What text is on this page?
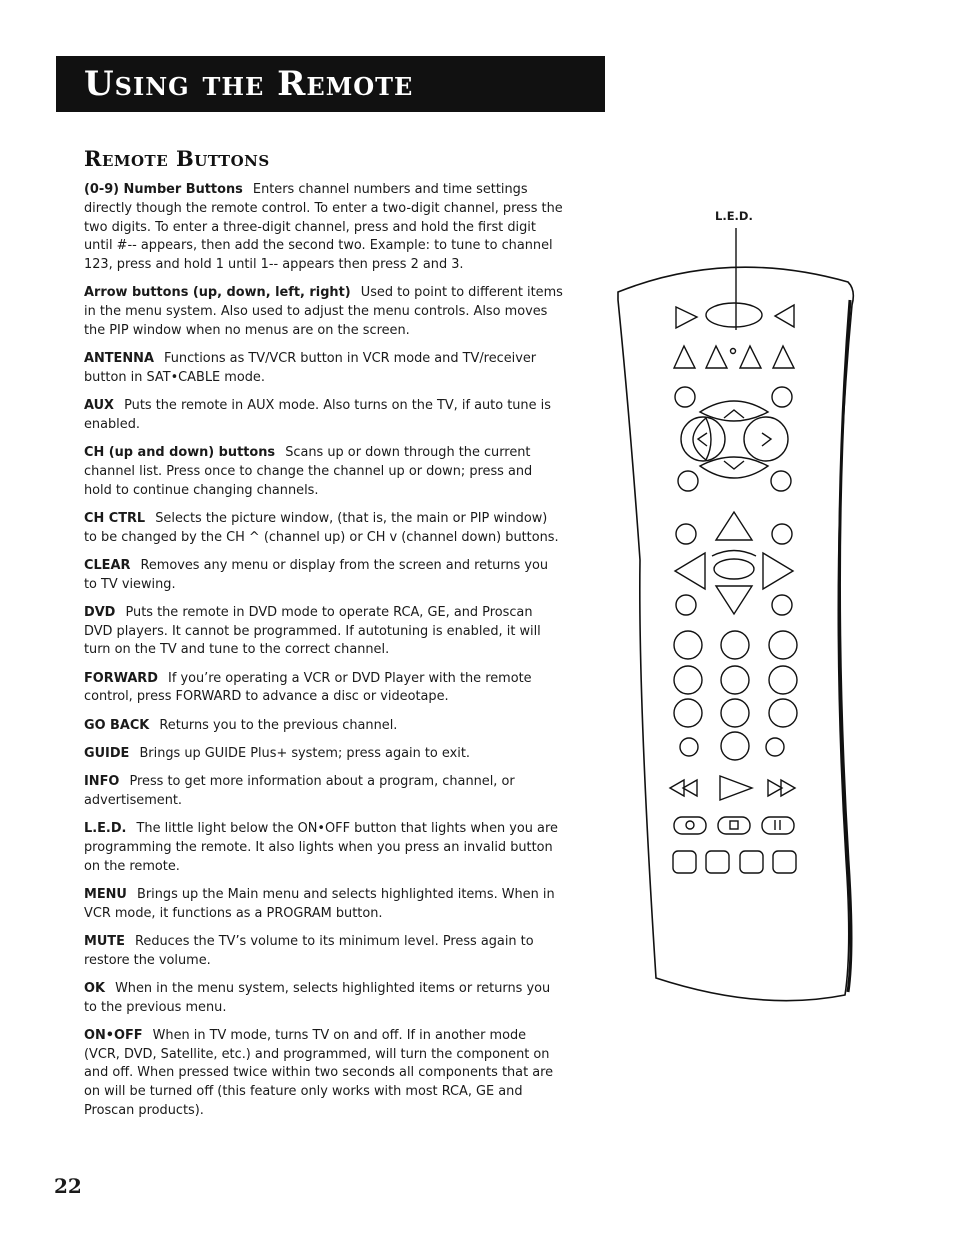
Using the Remote
Remote Buttons

(0-9) Number Buttons Enters channel numbers and time settings directly though the remote control. To enter a two-digit channel, press the two digits. To enter a three-digit channel, press and hold the first digit until #-- appears, then add the second two. Example: to tune to channel 123, press and hold 1 until 1-- appears then press 2 and 3.

Arrow buttons (up, down, left, right) Used to point to different items in the menu system. Also used to adjust the menu controls. Also moves the PIP window when no menus are on the screen.

ANTENNA Functions as TV/VCR button in VCR mode and TV/receiver button in SAT•CABLE mode.

AUX Puts the remote in AUX mode. Also turns on the TV, if auto tune is enabled.

CH (up and down) buttons Scans up or down through the current channel list. Press once to change the channel up or down; press and hold to continue changing channels.

CH CTRL Selects the picture window, (that is, the main or PIP window) to be changed by the CH ^ (channel up) or CH v (channel down) buttons.

CLEAR Removes any menu or display from the screen and returns you to TV viewing.

DVD Puts the remote in DVD mode to operate RCA, GE, and Proscan DVD players. It cannot be programmed. If autotuning is enabled, it will turn on the TV and tune to the correct channel.

FORWARD If you’re operating a VCR or DVD Player with the remote control, press FORWARD to advance a disc or videotape.

GO BACK Returns you to the previous channel.

GUIDE Brings up GUIDE Plus+ system; press again to exit.

INFO Press to get more information about a program, channel, or advertisement.

L.E.D. The little light below the ON•OFF button that lights when you are programming the remote. It also lights when you press an invalid button on the remote.

MENU Brings up the Main menu and selects highlighted items. When in VCR mode, it functions as a PROGRAM button.

MUTE Reduces the TV’s volume to its minimum level. Press again to restore the volume.

OK When in the menu system, selects highlighted items or returns you to the previous menu.

ON•OFF When in TV mode, turns TV on and off. If in another mode (VCR, DVD, Satellite, etc.) and programmed, will turn the component on and off. When pressed twice within two seconds all components that are on will be turned off (this feature only works with most RCA, GE and Proscan products).

L.E.D.
22
